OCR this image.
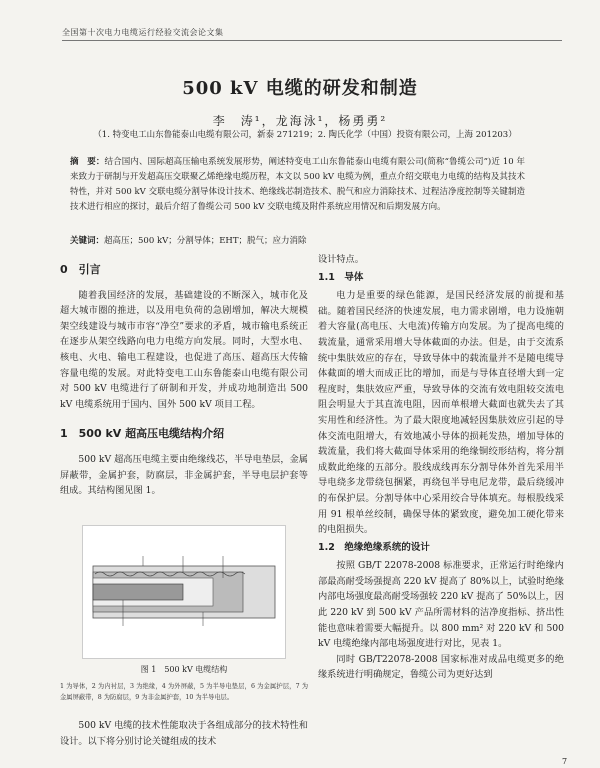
全国第十次电力电缆运行经验交流会论文集
500 kV 电缆的研发和制造
李　涛¹，龙海泳¹，杨勇勇²
（1. 特变电工山东鲁能泰山电缆有限公司，新泰 271219；2. 陶氏化学（中国）投资有限公司，上海 201203）
摘　要：结合国内、国际超高压输电系统发展形势，阐述特变电工山东鲁能泰山电缆有限公司(简称“鲁缆公司”)近 10 年来致力于研制与开发超高压交联聚乙烯绝缘电缆历程，本文以 500 kV 电缆为例，重点介绍交联电力电缆的结构及其技术特性，并对 500 kV 交联电缆分割导体设计技术、绝缘线芯制造技术、脱气和应力消除技术、过程洁净度控制等关键制造技术进行相应的探讨，最后介绍了鲁缆公司 500 kV 交联电缆及附件系统应用情况和后期发展方向。
关键词：超高压；500 kV；分割导体；EHT；脱气；应力消除
0　引言

随着我国经济的发展，基础建设的不断深入，城市化及超大城市圈的推进，以及用电负荷的急剧增加，解决大规模架空线建设与城市市容“净空”要求的矛盾，城市输电系统正在逐步从架空线路向电力电缆方向发展。同时，大型水电、核电、火电、输电工程建设，也促进了高压、超高压大传输容量电缆的发展。对此特变电工山东鲁能泰山电缆有限公司对 500 kV 电缆进行了研制和开发，并成功地制造出 500 kV 电缆系统用于国内、国外 500 kV 项目工程。

1　500 kV 超高压电缆结构介绍

500 kV 超高压电缆主要由绝缘线芯，半导电垫层，金属屏蔽带，金属护套，防腐层，非金属护套，半导电层护套等组成。其结构图见图 1。

图 1　500 kV 电缆结构
1 为导体，2 为内衬层，3 为绝缘，4 为外屏蔽，5 为半导电垫层，6 为金属护层，7 为金属屏蔽带，8 为防腐层，9 为非金属护套，10 为半导电层。

500 kV 电缆的技术性能取决于各组成部分的技术特性和设计。以下将分别讨论关键组成的技术

设计特点。
1.1　导体

电力是重要的绿色能源，是国民经济发展的前提和基础。随着国民经济的快速发展，电力需求剧增，电力设施朝着大容量(高电压、大电流)传输方向发展。为了提高电缆的载流量，通常采用增大导体截面的办法。但是，由于交流系统中集肤效应的存在，导致导体中的载流量并不是随电缆导体截面的增大而成正比的增加，而是与导体直径增大到一定程度时，集肤效应严重，导致导体的交流有效电阻较交流电阻会明显大于其直流电阻，因而单根增大截面也就失去了其实用性和经济性。为了最大限度地减轻因集肤效应引起的导体交流电阻增大，有效地减小导体的损耗发热，增加导体的载流量，我们将大截面导体采用的绝缘铜绞形结构，将分割成数此绝缘的五部分。股线成线再东分割导体外首先采用半导电绕多龙带绕包捆紧，再绕包半导电尼龙带，最后绕缓冲的布保护层。分割导体中心采用绞合导体填充。每根股线采用 91 根单丝绞制，确保导体的紧致度，避免加工硬化带来的电阻损失。

1.2　绝缘绝缘系统的设计

按照 GB/T 22078-2008 标准要求，正常运行时绝缘内部最高耐受场强提高 220 kV 提高了 80%以上，试验时绝缘内部电场强度最高耐受场强较 220 kV 提高了 50%以上，因此 220 kV 到 500 kV 产品所需材料的洁净度指标、挤出性能也意味着需要大幅提升。以 800 mm² 对 220 kV 和 500 kV 电缆绝缘内部电场强度进行对比，见表 1。

同时 GB/T22078-2008 国家标准对成品电缆更多的绝缘系统进行明确规定，鲁缆公司为更好达到

7
